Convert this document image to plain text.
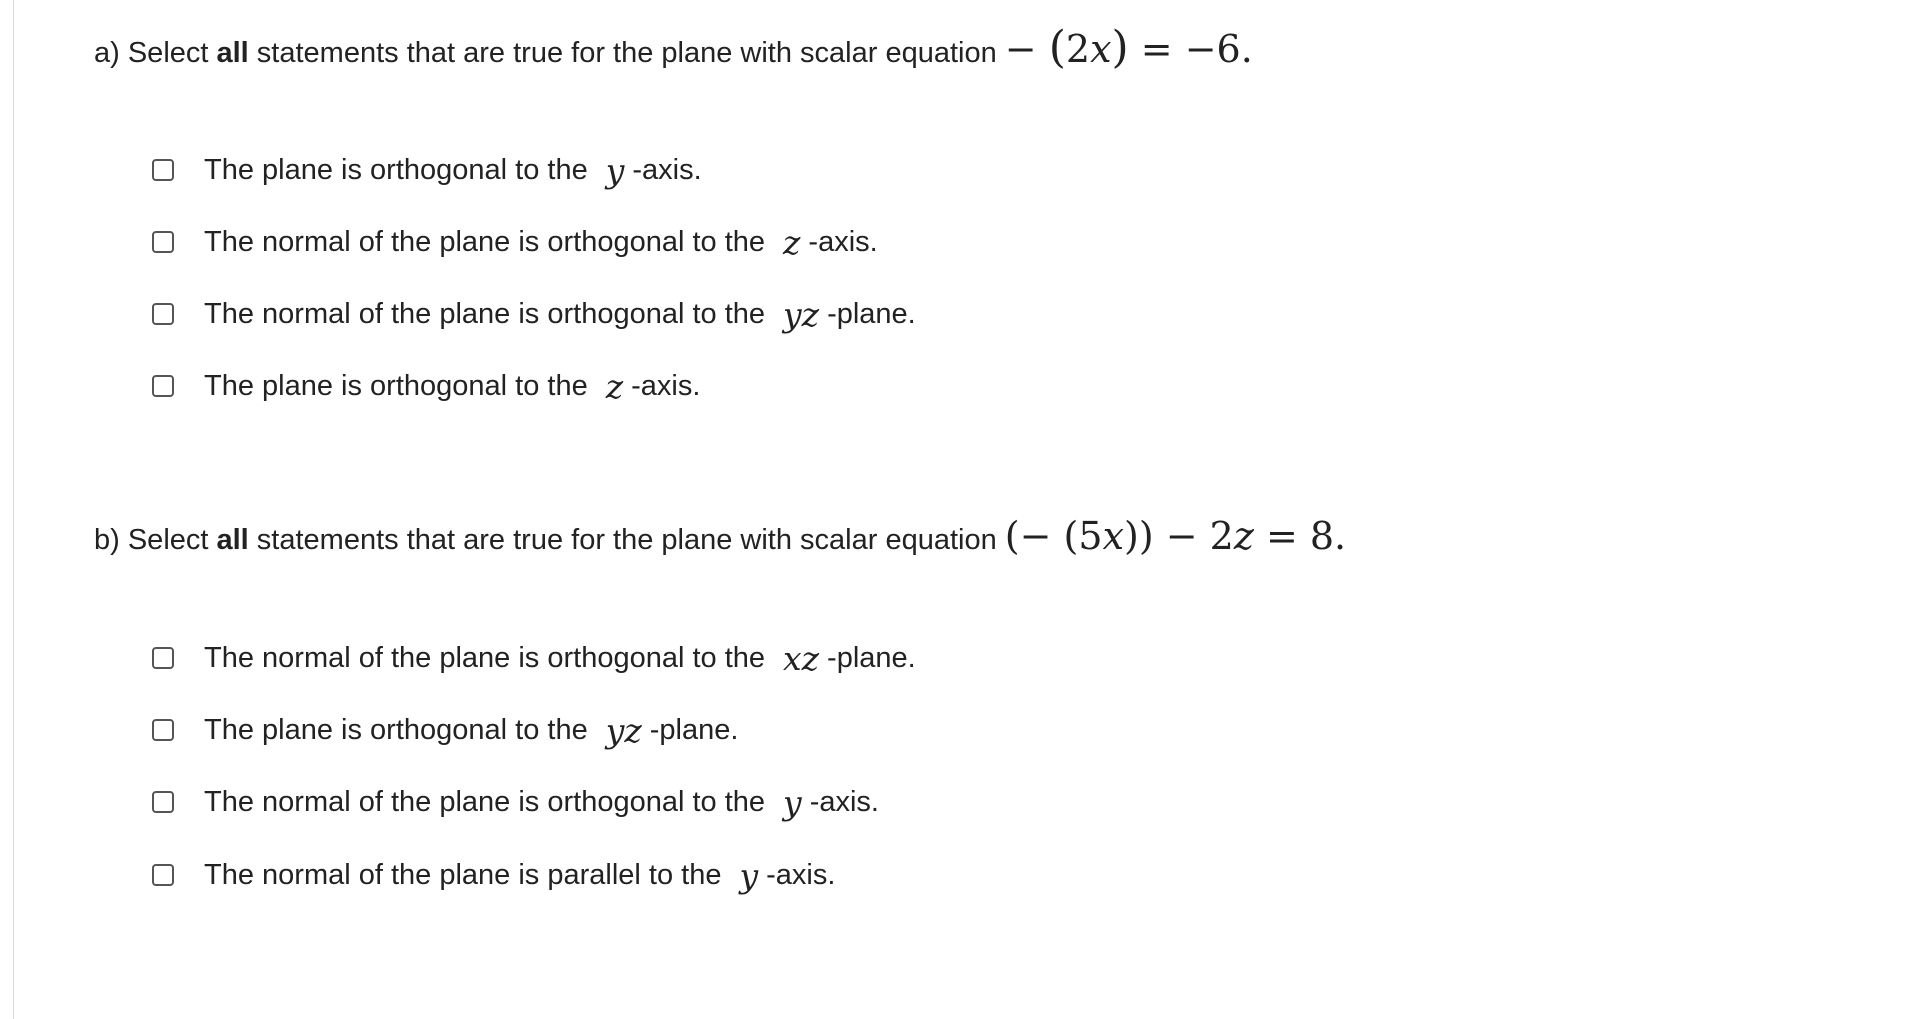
a) Select all statements that are true for the plane with scalar equation − (2x) = −6.
The plane is orthogonal to the y -axis.
The normal of the plane is orthogonal to the z -axis.
The normal of the plane is orthogonal to the yz -plane.
The plane is orthogonal to the z -axis.
b) Select all statements that are true for the plane with scalar equation (− (5x)) − 2z = 8.
The normal of the plane is orthogonal to the xz -plane.
The plane is orthogonal to the yz -plane.
The normal of the plane is orthogonal to the y -axis.
The normal of the plane is parallel to the y -axis.
